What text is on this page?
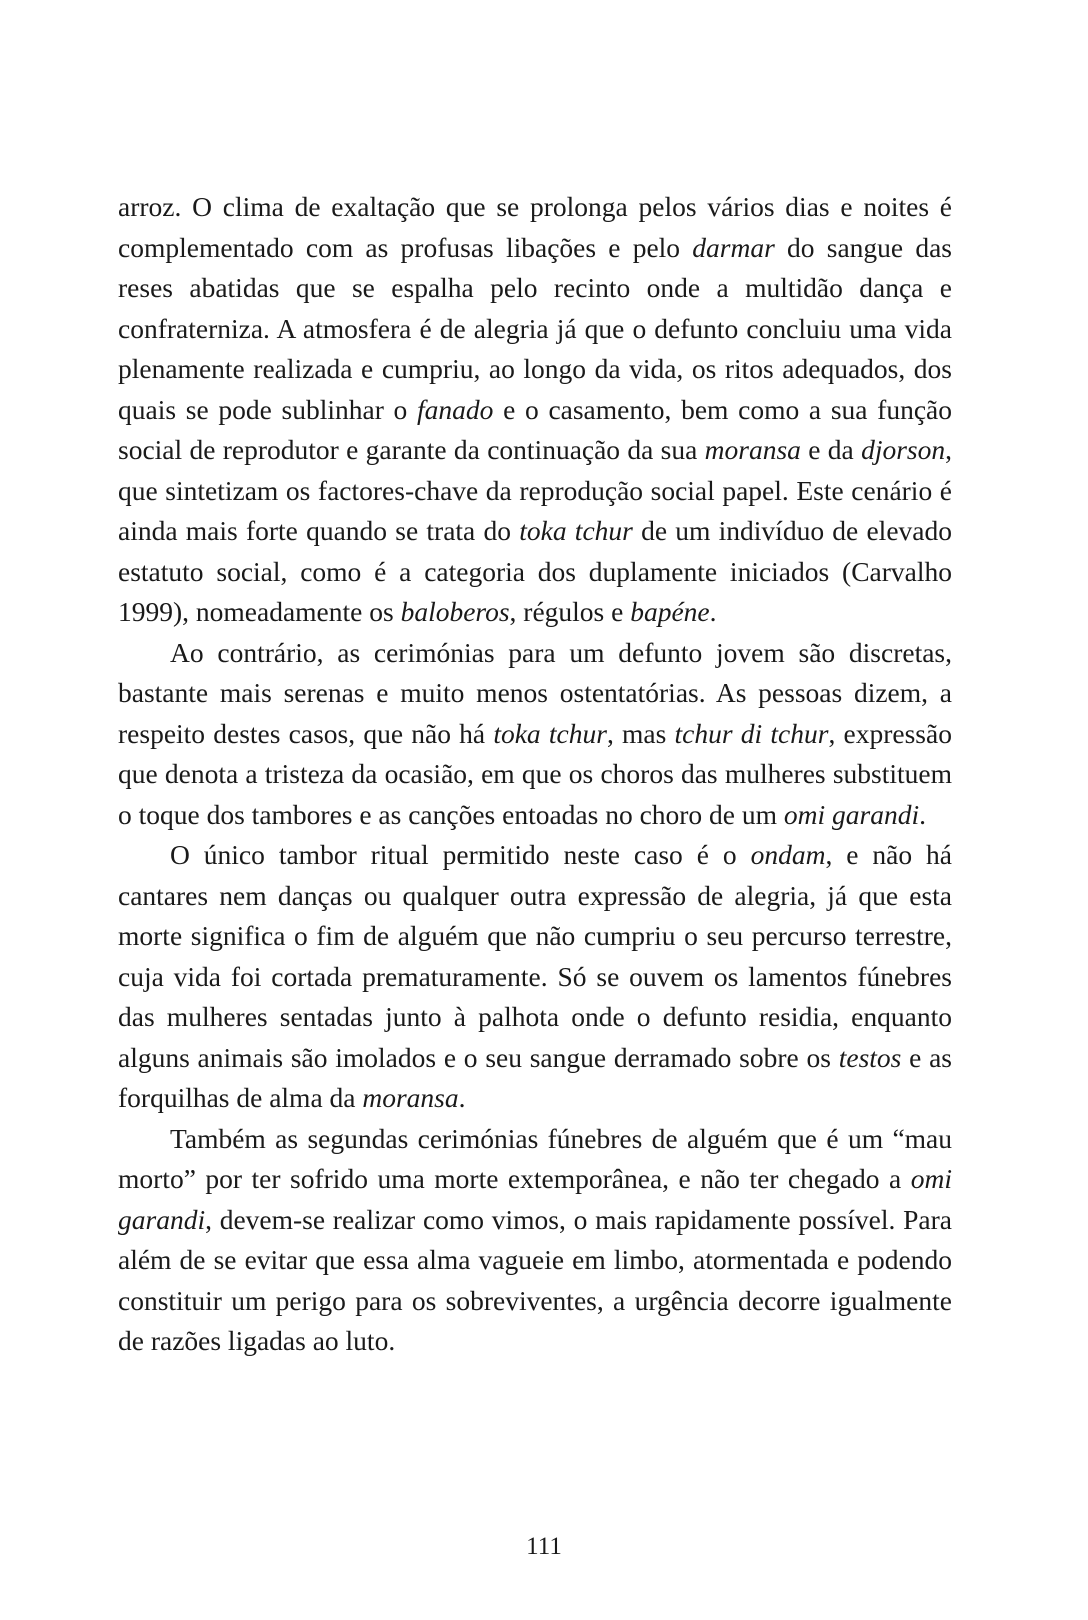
arroz. O clima de exaltação que se prolonga pelos vários dias e noites é complementado com as profusas libações e pelo darmar do sangue das reses abatidas que se espalha pelo recinto onde a multidão dança e confraterniza. A atmosfera é de alegria já que o defunto concluiu uma vida plenamente realizada e cumpriu, ao longo da vida, os ritos adequados, dos quais se pode sublinhar o fanado e o casamento, bem como a sua função social de reprodutor e garante da continuação da sua moransa e da djorson, que sintetizam os factores-chave da reprodução social papel. Este cenário é ainda mais forte quando se trata do toka tchur de um indivíduo de elevado estatuto social, como é a categoria dos duplamente iniciados (Carvalho 1999), nomeadamente os baloberos, régulos e bapéne.

Ao contrário, as cerimónias para um defunto jovem são discretas, bastante mais serenas e muito menos ostentatórias. As pessoas dizem, a respeito destes casos, que não há toka tchur, mas tchur di tchur, expressão que denota a tristeza da ocasião, em que os choros das mulheres substituem o toque dos tambores e as canções entoadas no choro de um omi garandi.

O único tambor ritual permitido neste caso é o ondam, e não há cantares nem danças ou qualquer outra expressão de alegria, já que esta morte significa o fim de alguém que não cumpriu o seu percurso terrestre, cuja vida foi cortada prematuramente. Só se ouvem os lamentos fúnebres das mulheres sentadas junto à palhota onde o defunto residia, enquanto alguns animais são imolados e o seu sangue derramado sobre os testos e as forquilhas de alma da moransa.

Também as segundas cerimónias fúnebres de alguém que é um “mau morto” por ter sofrido uma morte extemporânea, e não ter chegado a omi garandi, devem-se realizar como vimos, o mais rapidamente possível. Para além de se evitar que essa alma vagueie em limbo, atormentada e podendo constituir um perigo para os sobreviventes, a urgência decorre igualmente de razões ligadas ao luto.

111
